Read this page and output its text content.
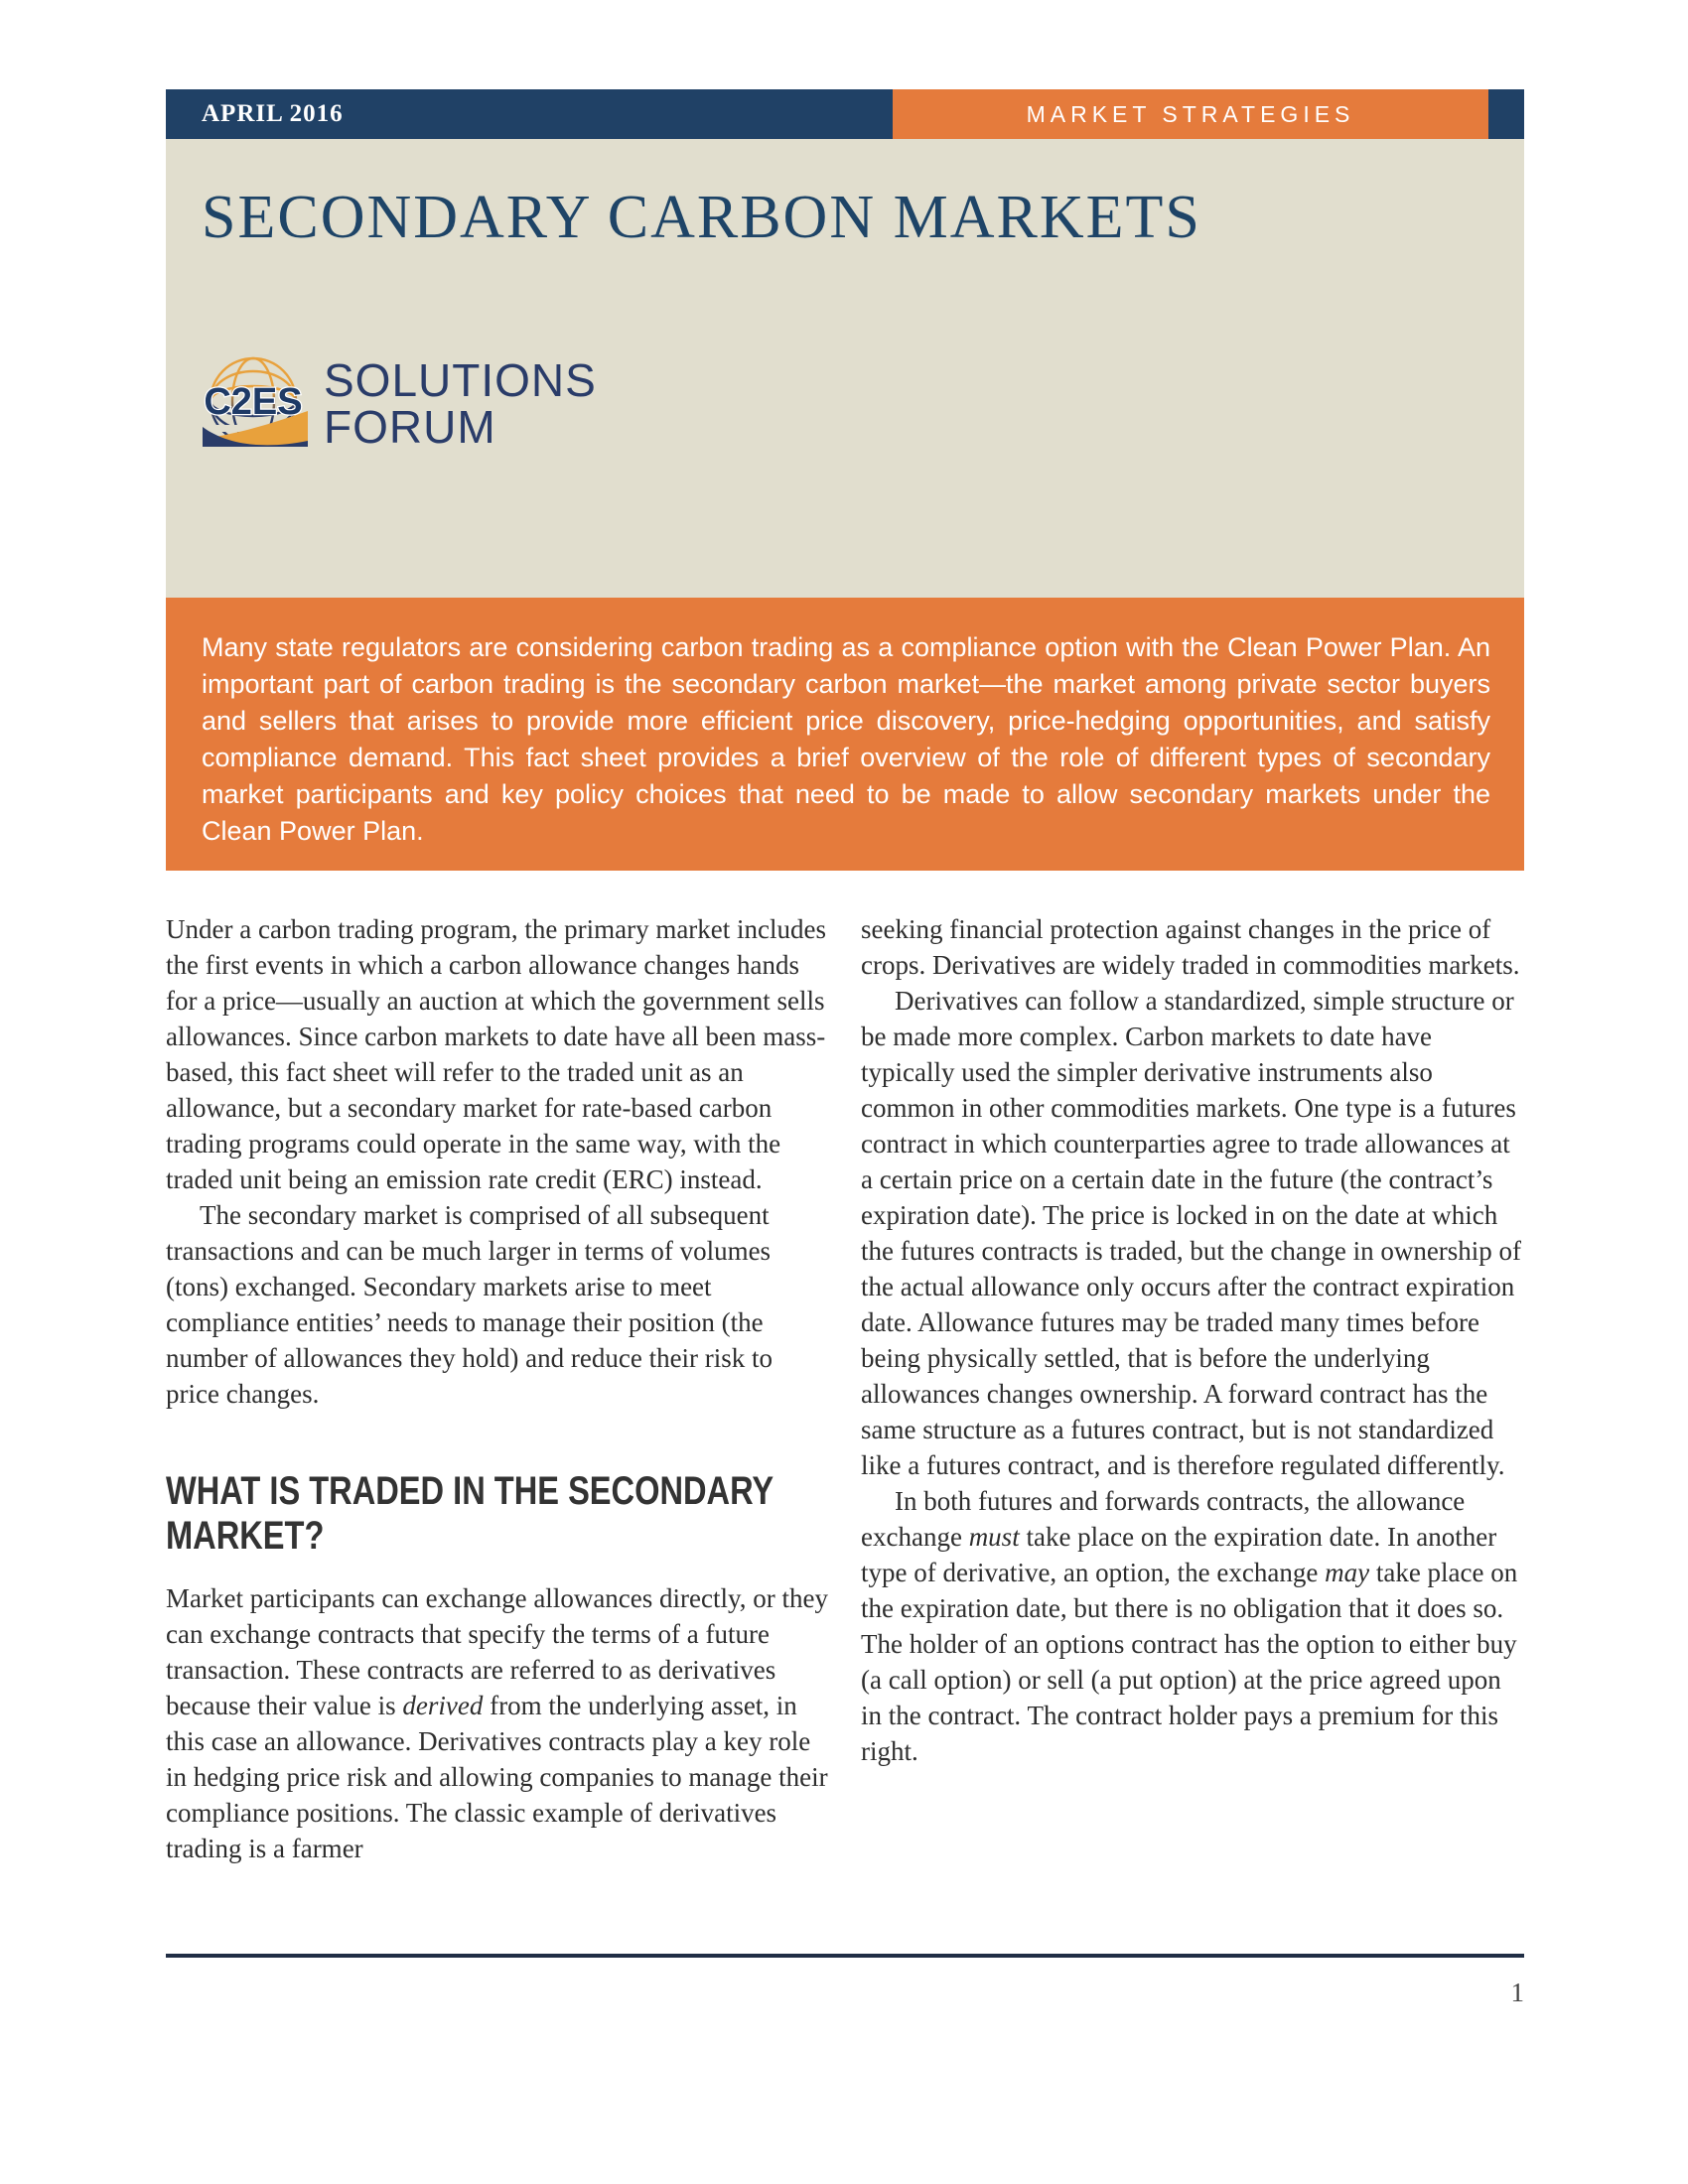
APRIL 2016	MARKET STRATEGIES
SECONDARY CARBON MARKETS
C2ES SOLUTIONS
FORUM

Many state regulators are considering carbon trading as a compliance option with the Clean Power Plan. An important part of carbon trading is the secondary carbon market—the market among private sector buyers and sellers that arises to provide more efficient price discovery, price-hedging opportunities, and satisfy compliance demand. This fact sheet provides a brief overview of the role of different types of secondary market participants and key policy choices that need to be made to allow secondary markets under the Clean Power Plan.

Under a carbon trading program, the primary market includes the first events in which a carbon allowance changes hands for a price—usually an auction at which the government sells allowances. Since carbon markets to date have all been mass-based, this fact sheet will refer to the traded unit as an allowance, but a secondary market for rate-based carbon trading programs could operate in the same way, with the traded unit being an emission rate credit (ERC) instead.

The secondary market is comprised of all subsequent transactions and can be much larger in terms of volumes (tons) exchanged. Secondary markets arise to meet compliance entities’ needs to manage their position (the number of allowances they hold) and reduce their risk to price changes.

WHAT IS TRADED IN THE SECONDARY MARKET?

Market participants can exchange allowances directly, or they can exchange contracts that specify the terms of a future transaction. These contracts are referred to as derivatives because their value is derived from the underlying asset, in this case an allowance. Derivatives contracts play a key role in hedging price risk and allowing companies to manage their compliance positions. The classic example of derivatives trading is a farmer

seeking financial protection against changes in the price of crops. Derivatives are widely traded in commodities markets.

Derivatives can follow a standardized, simple structure or be made more complex. Carbon markets to date have typically used the simpler derivative instruments also common in other commodities markets. One type is a futures contract in which counterparties agree to trade allowances at a certain price on a certain date in the future (the contract’s expiration date). The price is locked in on the date at which the futures contracts is traded, but the change in ownership of the actual allowance only occurs after the contract expiration date. Allowance futures may be traded many times before being physically settled, that is before the underlying allowances changes ownership. A forward contract has the same structure as a futures contract, but is not standardized like a futures contract, and is therefore regulated differently.

In both futures and forwards contracts, the allowance exchange must take place on the expiration date. In another type of derivative, an option, the exchange may take place on the expiration date, but there is no obligation that it does so. The holder of an options contract has the option to either buy (a call option) or sell (a put option) at the price agreed upon in the contract. The contract holder pays a premium for this right.

1
